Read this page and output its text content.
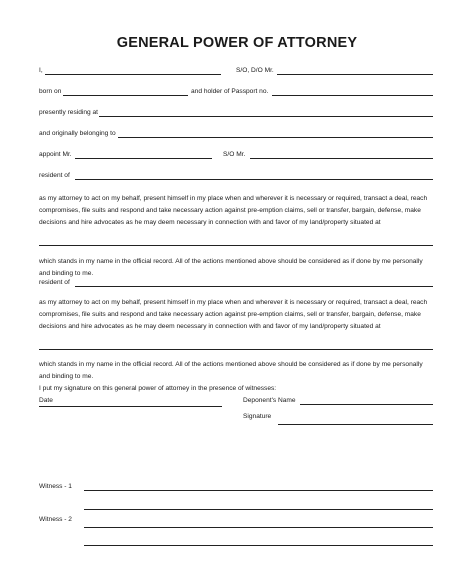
GENERAL POWER OF ATTORNEY
I,	S/O, D/O Mr.
born on	and holder of Passport no.
presently residing at
and originally belonging to
appoint Mr.	S/O Mr.
resident of
as my attorney to act on my behalf, present himself in my place when and wherever it is necessary or required, transact a deal, reach
compromises, file suits and respond and take necessary action against pre-emption claims, sell or transfer, bargain, defense, make
decisions and hire advocates as he may deem necessary in connection with and favor of my land/property situated at
which stands in my name in the official record. All of the actions mentioned above should be considered as if done by me personally
and binding to me.
resident of
as my attorney to act on my behalf, present himself in my place when and wherever it is necessary or required, transact a deal, reach
compromises, file suits and respond and take necessary action against pre-emption claims, sell or transfer, bargain, defense, make
decisions and hire advocates as he may deem necessary in connection with and favor of my land/property situated at
which stands in my name in the official record. All of the actions mentioned above should be considered as if done by me personally
and binding to me.
I put my signature on this general power of attorney in the presence of witnesses:
Date	Deponent's Name
Signature
Witness - 1
Witness - 2
